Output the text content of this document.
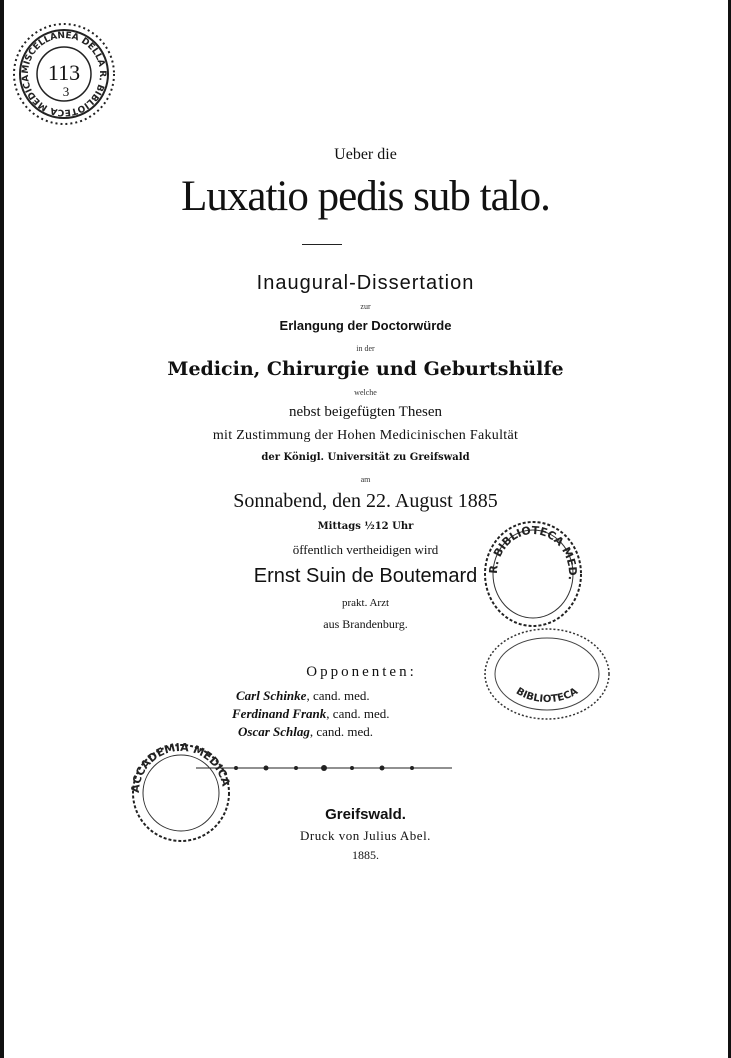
MISCELLANEA DELLA R. BIBLIOTECA MEDICA 113
3
Ueber die
Luxatio pedis sub talo.
Inaugural-Dissertation
zur
Erlangung der Doctorwürde
in der
Medicin, Chirurgie und Geburtshülfe
welche
nebst beigefügten Thesen
mit Zustimmung der Hohen Medicinischen Fakultät
der Königl. Universität zu Greifswald
am
Sonnabend, den 22. August 1885
Mittags ½12 Uhr
öffentlich vertheidigen wird
Ernst Suin de Boutemard
prakt. Arzt
aus Brandenburg.
Opponenten:
Carl Schinke, cand. med.
Ferdinand Frank, cand. med.
Oscar Schlag, cand. med.
Greifswald.
Druck von Julius Abel.
1885.
R. BIBLIOTECA MED.
BIBLIOTECA
ACCADEMIA MEDICA
